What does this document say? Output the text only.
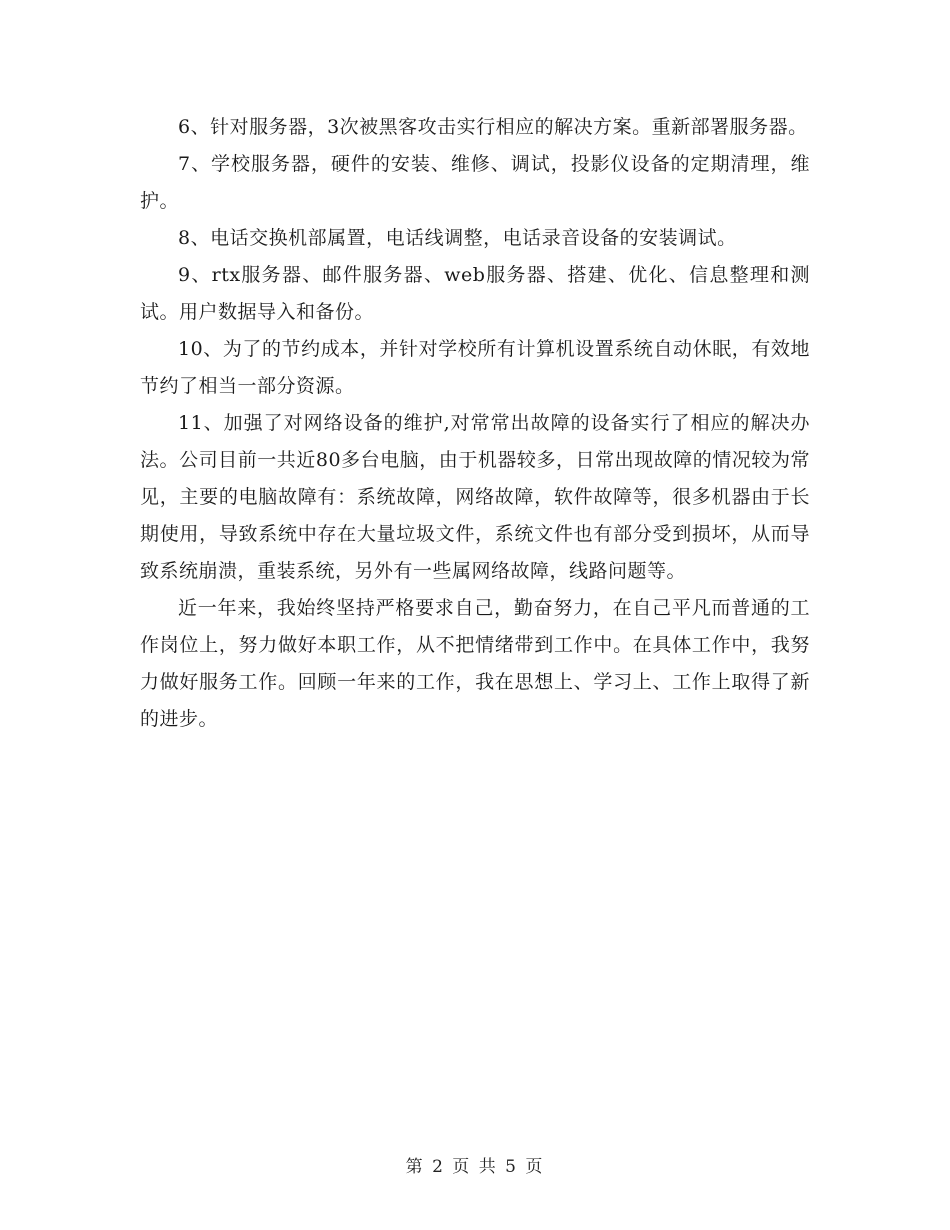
6、针对服务器，3次被黑客攻击实行相应的解决方案。重新部署服务器。

7、学校服务器，硬件的安装、维修、调试，投影仪设备的定期清理，维护。

8、电话交换机部属置，电话线调整，电话录音设备的安装调试。

9、rtx服务器、邮件服务器、web服务器、搭建、优化、信息整理和测试。用户数据导入和备份。

10、为了的节约成本，并针对学校所有计算机设置系统自动休眠，有效地节约了相当一部分资源。

11、加强了对网络设备的维护,对常常出故障的设备实行了相应的解决办法。公司目前一共近80多台电脑，由于机器较多，日常出现故障的情况较为常见，主要的电脑故障有：系统故障，网络故障，软件故障等，很多机器由于长期使用，导致系统中存在大量垃圾文件，系统文件也有部分受到损坏，从而导致系统崩溃，重装系统，另外有一些属网络故障，线路问题等。

近一年来，我始终坚持严格要求自己，勤奋努力，在自己平凡而普通的工作岗位上，努力做好本职工作，从不把情绪带到工作中。在具体工作中，我努力做好服务工作。回顾一年来的工作，我在思想上、学习上、工作上取得了新的进步。

第 2 页 共 5 页
